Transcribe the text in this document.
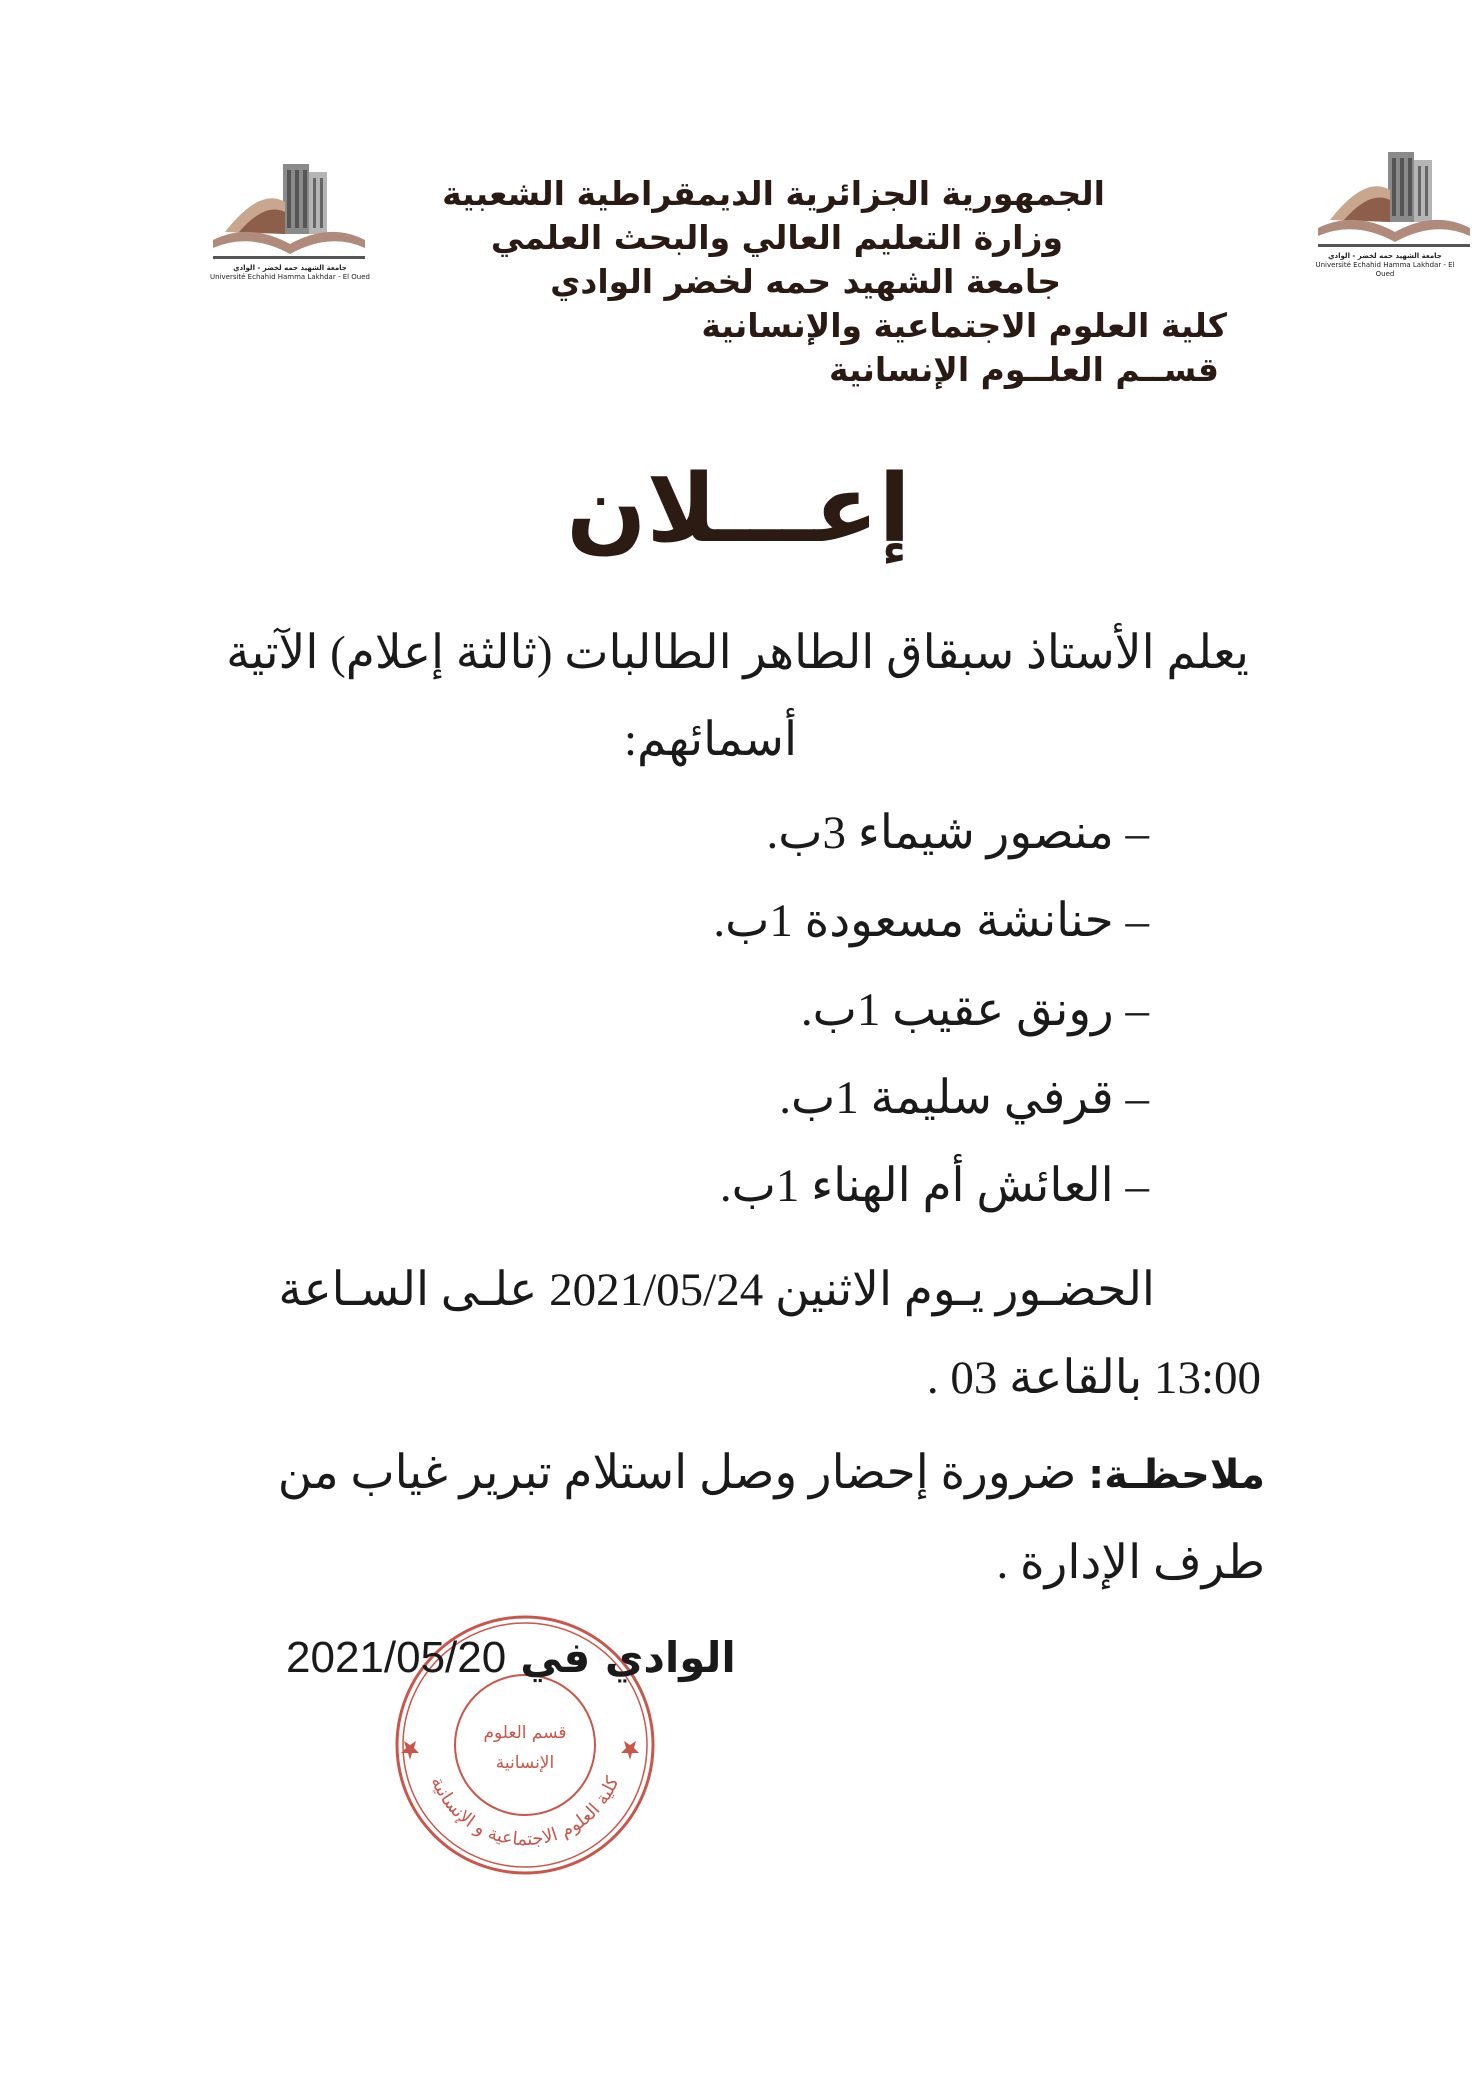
جامعة الشهيد حمه لخضر - الوادي
Université Echahid Hamma Lakhdar - El Oued
جامعة الشهيد حمه لخضر - الوادي
Université Echahid Hamma Lakhdar - El Oued
الجمهورية الجزائرية الديمقراطية الشعبية
وزارة التعليم العالي والبحث العلمي
جامعة الشهيد حمه لخضر الوادي
كلية العلوم الاجتماعية والإنسانية
قســم العلــوم الإنسانية
إعـــلان
يعلم الأستاذ سبقاق الطاهر الطالبات (ثالثة إعلام) الآتية
أسمائهم:
– منصور شيماء 3ب.
– حنانشة مسعودة 1ب.
– رونق عقيب 1ب.
– قرفي سليمة 1ب.
– العائش أم الهناء 1ب.
الحضـور يـوم الاثنين 2021/05/24 علـى السـاعة
13:00 بالقاعة 03 .
ملاحظـة: ضرورة إحضار وصل استلام تبرير غياب من
طرف الإدارة .
كلية العلوم الاجتماعية و الإنسانية
قسم العلوم
الإنسانية
الوادي في 2021/05/20
